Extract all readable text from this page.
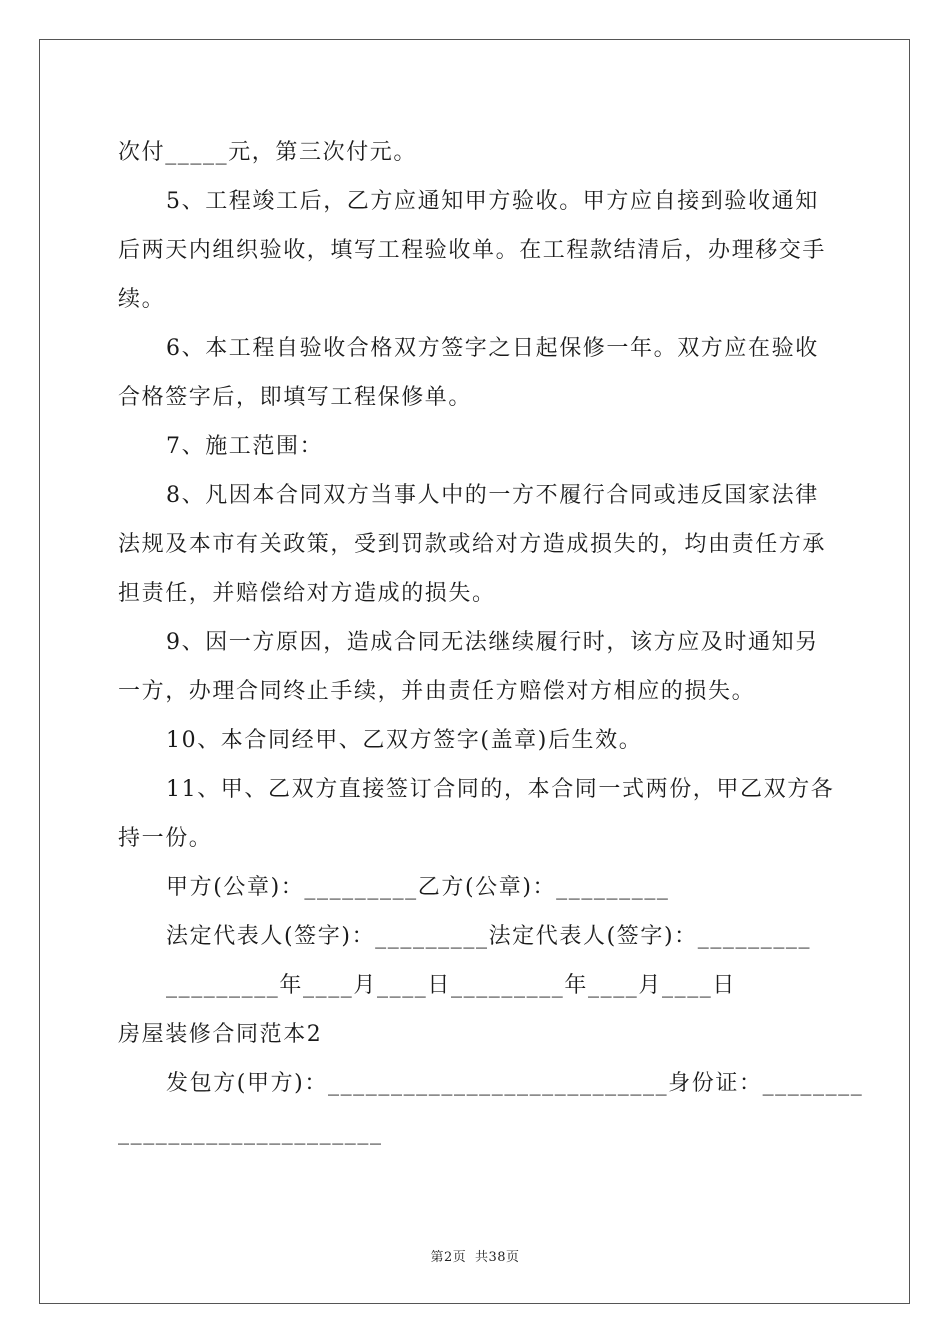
次付_____元，第三次付元。
5、工程竣工后，乙方应通知甲方验收。甲方应自接到验收通知
后两天内组织验收，填写工程验收单。在工程款结清后，办理移交手
续。
6、本工程自验收合格双方签字之日起保修一年。双方应在验收
合格签字后，即填写工程保修单。
7、施工范围：
8、凡因本合同双方当事人中的一方不履行合同或违反国家法律
法规及本市有关政策，受到罚款或给对方造成损失的，均由责任方承
担责任，并赔偿给对方造成的损失。
9、因一方原因，造成合同无法继续履行时，该方应及时通知另
一方，办理合同终止手续，并由责任方赔偿对方相应的损失。
10、本合同经甲、乙双方签字(盖章)后生效。
11、甲、乙双方直接签订合同的，本合同一式两份，甲乙双方各
持一份。
甲方(公章)：_________乙方(公章)：_________
法定代表人(签字)：_________法定代表人(签字)：_________
_________年____月____日_________年____月____日
房屋装修合同范本2
发包方(甲方)：___________________________身份证：________
_____________________
第2页 共38页
